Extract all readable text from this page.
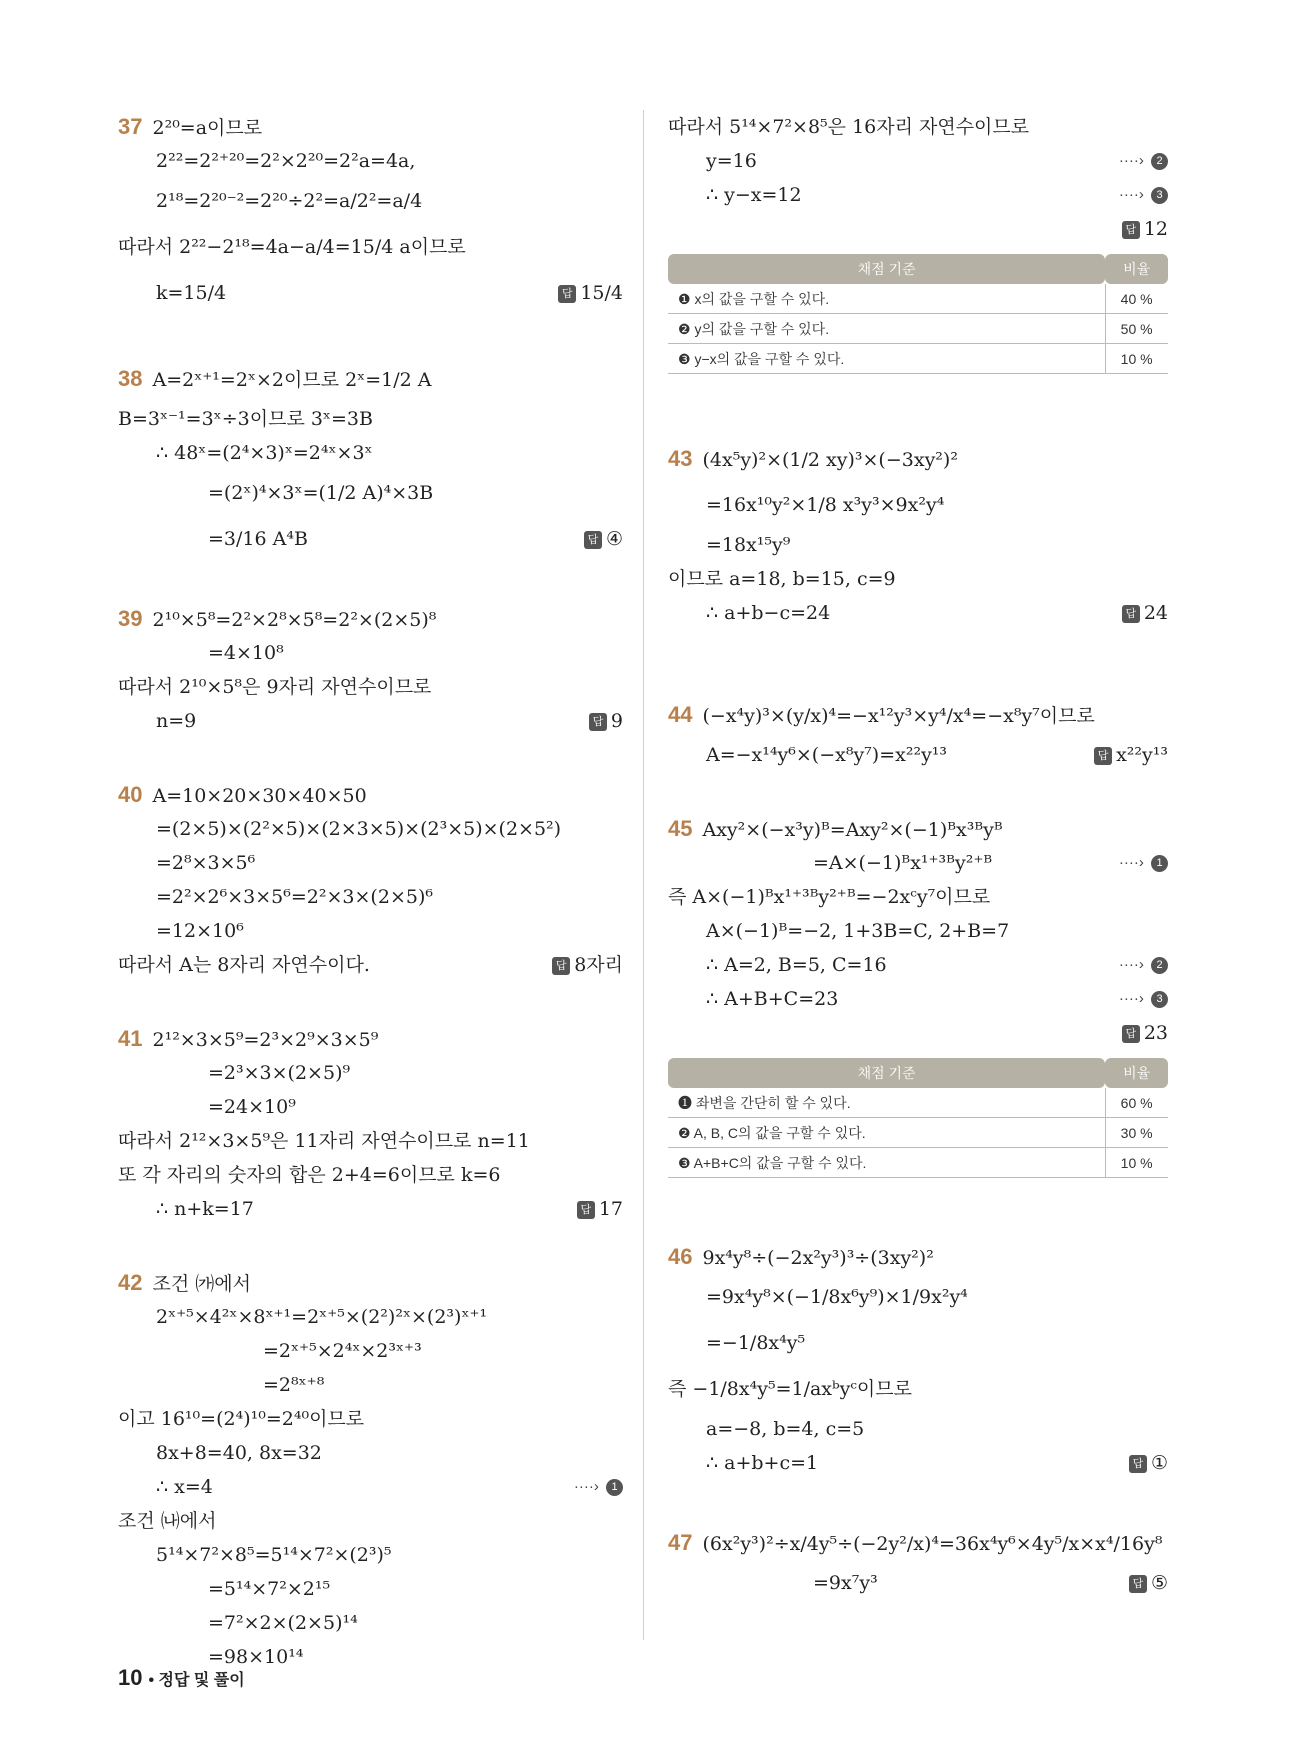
37 2²⁰=a이므로
2²²=2²⁺²⁰=2²×2²⁰=2²a=4a,
2¹⁸=2²⁰⁻²=2²⁰÷2²=a/2²=a/4
따라서 2²²−2¹⁸=4a−a/4=15/4 a이므로
k=15/4	답 15/4
38 A=2ˣ⁺¹=2ˣ×2이므로 2ˣ=1/2 A
B=3ˣ⁻¹=3ˣ÷3이므로 3ˣ=3B
∴ 48ˣ=(2⁴×3)ˣ=2⁴ˣ×3ˣ
=(2ˣ)⁴×3ˣ=(1/2 A)⁴×3B
=3/16 A⁴B	답 ④
39 2¹⁰×5⁸=2²×2⁸×5⁸=2²×(2×5)⁸
=4×10⁸
따라서 2¹⁰×5⁸은 9자리 자연수이므로
n=9	답 9
40 A=10×20×30×40×50
=(2×5)×(2²×5)×(2×3×5)×(2³×5)×(2×5²)
=2⁸×3×5⁶
=2²×2⁶×3×5⁶=2²×3×(2×5)⁶
=12×10⁶
따라서 A는 8자리 자연수이다.	답 8자리
41 2¹²×3×5⁹=2³×2⁹×3×5⁹
=2³×3×(2×5)⁹
=24×10⁹
따라서 2¹²×3×5⁹은 11자리 자연수이므로 n=11
또 각 자리의 숫자의 합은 2+4=6이므로 k=6
∴ n+k=17	답 17
42 조건 ㈎에서
2ˣ⁺⁵×4²ˣ×8ˣ⁺¹=2ˣ⁺⁵×(2²)²ˣ×(2³)ˣ⁺¹
=2ˣ⁺⁵×2⁴ˣ×2³ˣ⁺³
=2⁸ˣ⁺⁸
이고 16¹⁰=(2⁴)¹⁰=2⁴⁰이므로
8x+8=40, 8x=32
∴ x=4	····› 1
조건 ㈏에서
5¹⁴×7²×8⁵=5¹⁴×7²×(2³)⁵
=5¹⁴×7²×2¹⁵
=7²×2×(2×5)¹⁴
=98×10¹⁴
따라서 5¹⁴×7²×8⁵은 16자리 자연수이므로
y=16	····› 2
∴ y−x=12	····› 3
답 12
채점 기준	비율
❶ x의 값을 구할 수 있다.	40 %
❷ y의 값을 구할 수 있다.	50 %
❸ y−x의 값을 구할 수 있다.	10 %
43 (4x⁵y)²×(1/2 xy)³×(−3xy²)²
=16x¹⁰y²×1/8 x³y³×9x²y⁴
=18x¹⁵y⁹
이므로 a=18, b=15, c=9
∴ a+b−c=24	답 24
44 (−x⁴y)³×(y/x)⁴=−x¹²y³×y⁴/x⁴=−x⁸y⁷이므로
A=−x¹⁴y⁶×(−x⁸y⁷)=x²²y¹³	답 x²²y¹³
45 Axy²×(−x³y)ᴮ=Axy²×(−1)ᴮx³ᴮyᴮ
=A×(−1)ᴮx¹⁺³ᴮy²⁺ᴮ	····› 1
즉 A×(−1)ᴮx¹⁺³ᴮy²⁺ᴮ=−2xᶜy⁷이므로
A×(−1)ᴮ=−2, 1+3B=C, 2+B=7
∴ A=2, B=5, C=16	····› 2
∴ A+B+C=23	····› 3
답 23
채점 기준	비율
❶ 좌변을 간단히 할 수 있다.	60 %
❷ A, B, C의 값을 구할 수 있다.	30 %
❸ A+B+C의 값을 구할 수 있다.	10 %
46 9x⁴y⁸÷(−2x²y³)³÷(3xy²)²
=9x⁴y⁸×(−1/8x⁶y⁹)×1/9x²y⁴
=−1/8x⁴y⁵
즉 −1/8x⁴y⁵=1/axᵇyᶜ이므로
a=−8, b=4, c=5
∴ a+b+c=1	답 ①
47 (6x²y³)²÷x/4y⁵÷(−2y²/x)⁴=36x⁴y⁶×4y⁵/x×x⁴/16y⁸
=9x⁷y³	답 ⑤
10 • 정답 및 풀이
